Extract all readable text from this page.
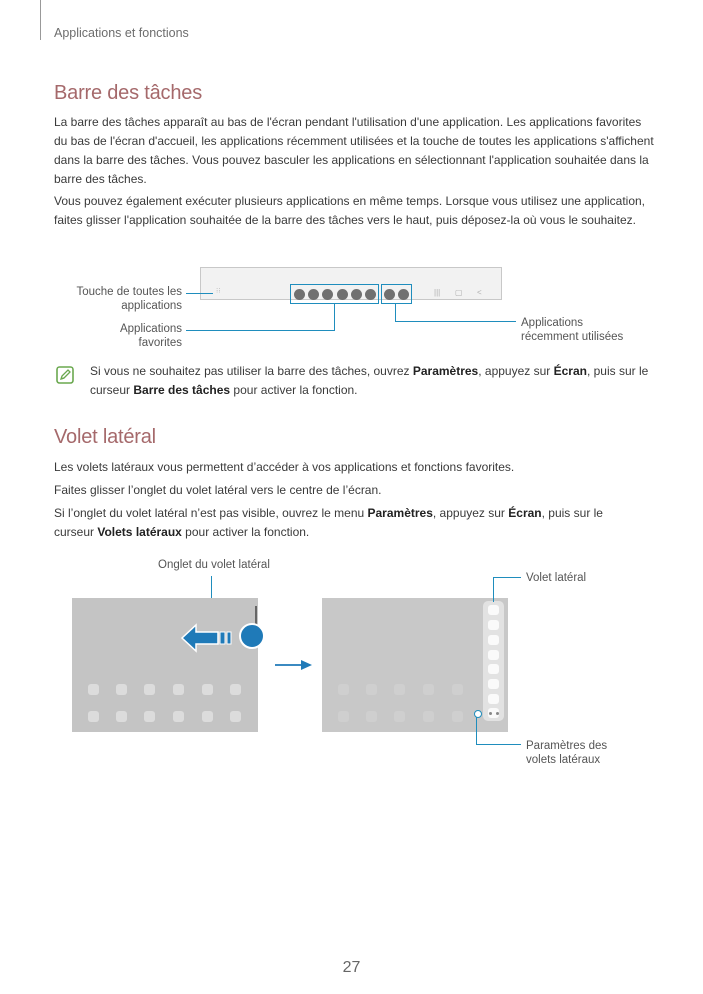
Applications et fonctions
Barre des tâches
La barre des tâches apparaît au bas de l'écran pendant l'utilisation d'une application. Les applications favorites du bas de l'écran d'accueil, les applications récemment utilisées et la touche de toutes les applications s'affichent dans la barre des tâches. Vous pouvez basculer les applications en sélectionnant l'application souhaitée dans la barre des tâches.
Vous pouvez également exécuter plusieurs applications en même temps. Lorsque vous utilisez une application, faites glisser l'application souhaitée de la barre des tâches vers le haut, puis déposez-la où vous le souhaitez.
⁝⁝	||| ▢ <
Touche de toutes les
applications
Applications
favorites
Applications
récemment utilisées
Si vous ne souhaitez pas utiliser la barre des tâches, ouvrez Paramètres, appuyez sur Écran, puis sur le curseur Barre des tâches pour activer la fonction.
Volet latéral
Les volets latéraux vous permettent d’accéder à vos applications et fonctions favorites.
Faites glisser l’onglet du volet latéral vers le centre de l’écran.
Si l’onglet du volet latéral n’est pas visible, ouvrez le menu Paramètres, appuyez sur Écran, puis sur le curseur Volets latéraux pour activer la fonction.
Onglet du volet latéral
Volet latéral
Paramètres des
volets latéraux
27
